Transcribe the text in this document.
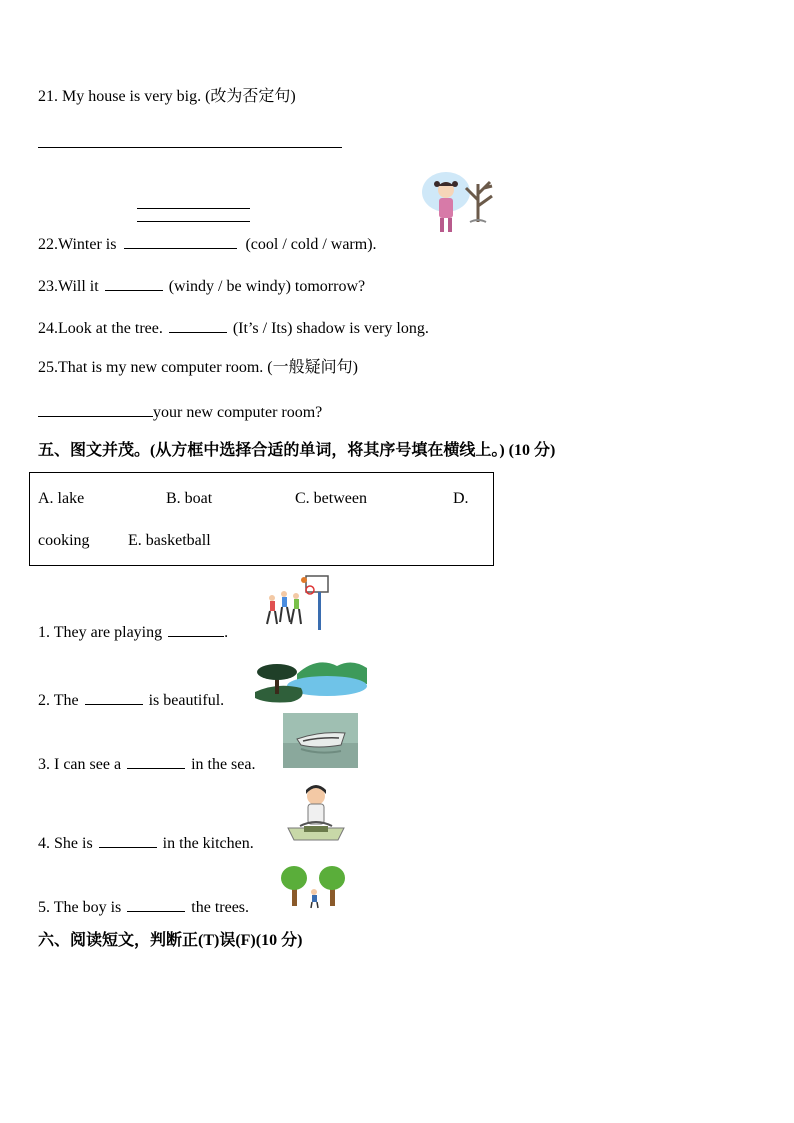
21. My house is very big. (改为否定句)
22.Winter is	(cool / cold / warm).
23.Will it	(windy / be windy) tomorrow?
24.Look at the tree.	(It’s / Its) shadow is very long.
25.That is my new computer room. (一般疑问句)
your new computer room?
五、图文并茂。(从方框中选择合适的单词，将其序号填在横线上。) (10 分)
A. lake	B. boat	C. between	D.
cooking E. basketball
1. They are playing	.
2. The	is beautiful.
3. I can see a	in the sea.
4. She is	in the kitchen.
5. The boy is	the trees.
六、阅读短文，判断正(T)误(F)(10 分)
